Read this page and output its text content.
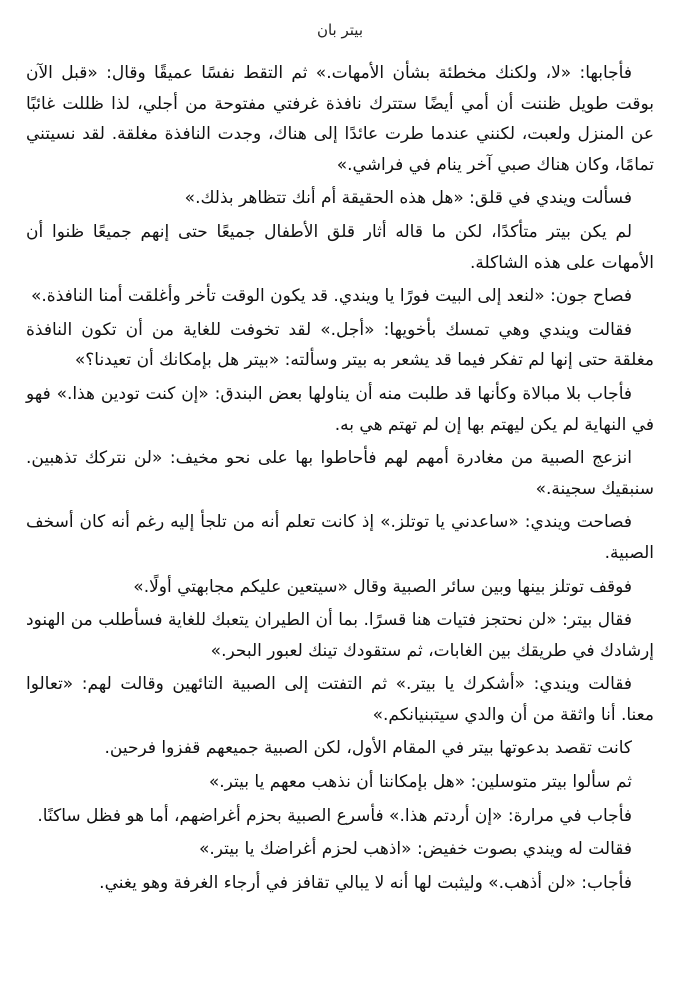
بيتر بان

فأجابها: «لا، ولكنك مخطئة بشأن الأمهات.» ثم التقط نفسًا عميقًا وقال: «قبل الآن بوقت طويل ظننت أن أمي أيضًا ستترك نافذة غرفتي مفتوحة من أجلي، لذا ظللت غائبًا عن المنزل ولعبت، لكنني عندما طرت عائدًا إلى هناك، وجدت النافذة مغلقة. لقد نسيتني تمامًا، وكان هناك صبي آخر ينام في فراشي.»

فسألت ويندي في قلق: «هل هذه الحقيقة أم أنك تتظاهر بذلك.»

لم يكن بيتر متأكدًا، لكن ما قاله أثار قلق الأطفال جميعًا حتى إنهم جميعًا ظنوا أن الأمهات على هذه الشاكلة.

فصاح جون: «لنعد إلى البيت فورًا يا ويندي. قد يكون الوقت تأخر وأغلقت أمنا النافذة.»

فقالت ويندي وهي تمسك بأخويها: «أجل.» لقد تخوفت للغاية من أن تكون النافذة مغلقة حتى إنها لم تفكر فيما قد يشعر به بيتر وسألته: «بيتر هل بإمكانك أن تعيدنا؟»

فأجاب بلا مبالاة وكأنها قد طلبت منه أن يناولها بعض البندق: «إن كنت تودين هذا.» فهو في النهاية لم يكن ليهتم بها إن لم تهتم هي به.

انزعج الصبية من مغادرة أمهم لهم فأحاطوا بها على نحو مخيف: «لن نتركك تذهبين. سنبقيك سجينة.»

فصاحت ويندي: «ساعدني يا توتلز.» إذ كانت تعلم أنه من تلجأ إليه رغم أنه كان أسخف الصبية.

فوقف توتلز بينها وبين سائر الصبية وقال «سيتعين عليكم مجابهتي أولًا.»

فقال بيتر: «لن نحتجز فتيات هنا قسرًا. بما أن الطيران يتعبك للغاية فسأطلب من الهنود إرشادك في طريقك بين الغابات، ثم ستقودك تينك لعبور البحر.»

فقالت ويندي: «أشكرك يا بيتر.» ثم التفتت إلى الصبية التائهين وقالت لهم: «تعالوا معنا. أنا واثقة من أن والدي سيتبنيانكم.»

كانت تقصد بدعوتها بيتر في المقام الأول، لكن الصبية جميعهم قفزوا فرحين.

ثم سألوا بيتر متوسلين: «هل بإمكاننا أن نذهب معهم يا بيتر.»

فأجاب في مرارة: «إن أردتم هذا.» فأسرع الصبية بحزم أغراضهم، أما هو فظل ساكنًا.

فقالت له ويندي بصوت خفيض: «اذهب لحزم أغراضك يا بيتر.»

فأجاب: «لن أذهب.» وليثبت لها أنه لا يبالي تقافز في أرجاء الغرفة وهو يغني.
